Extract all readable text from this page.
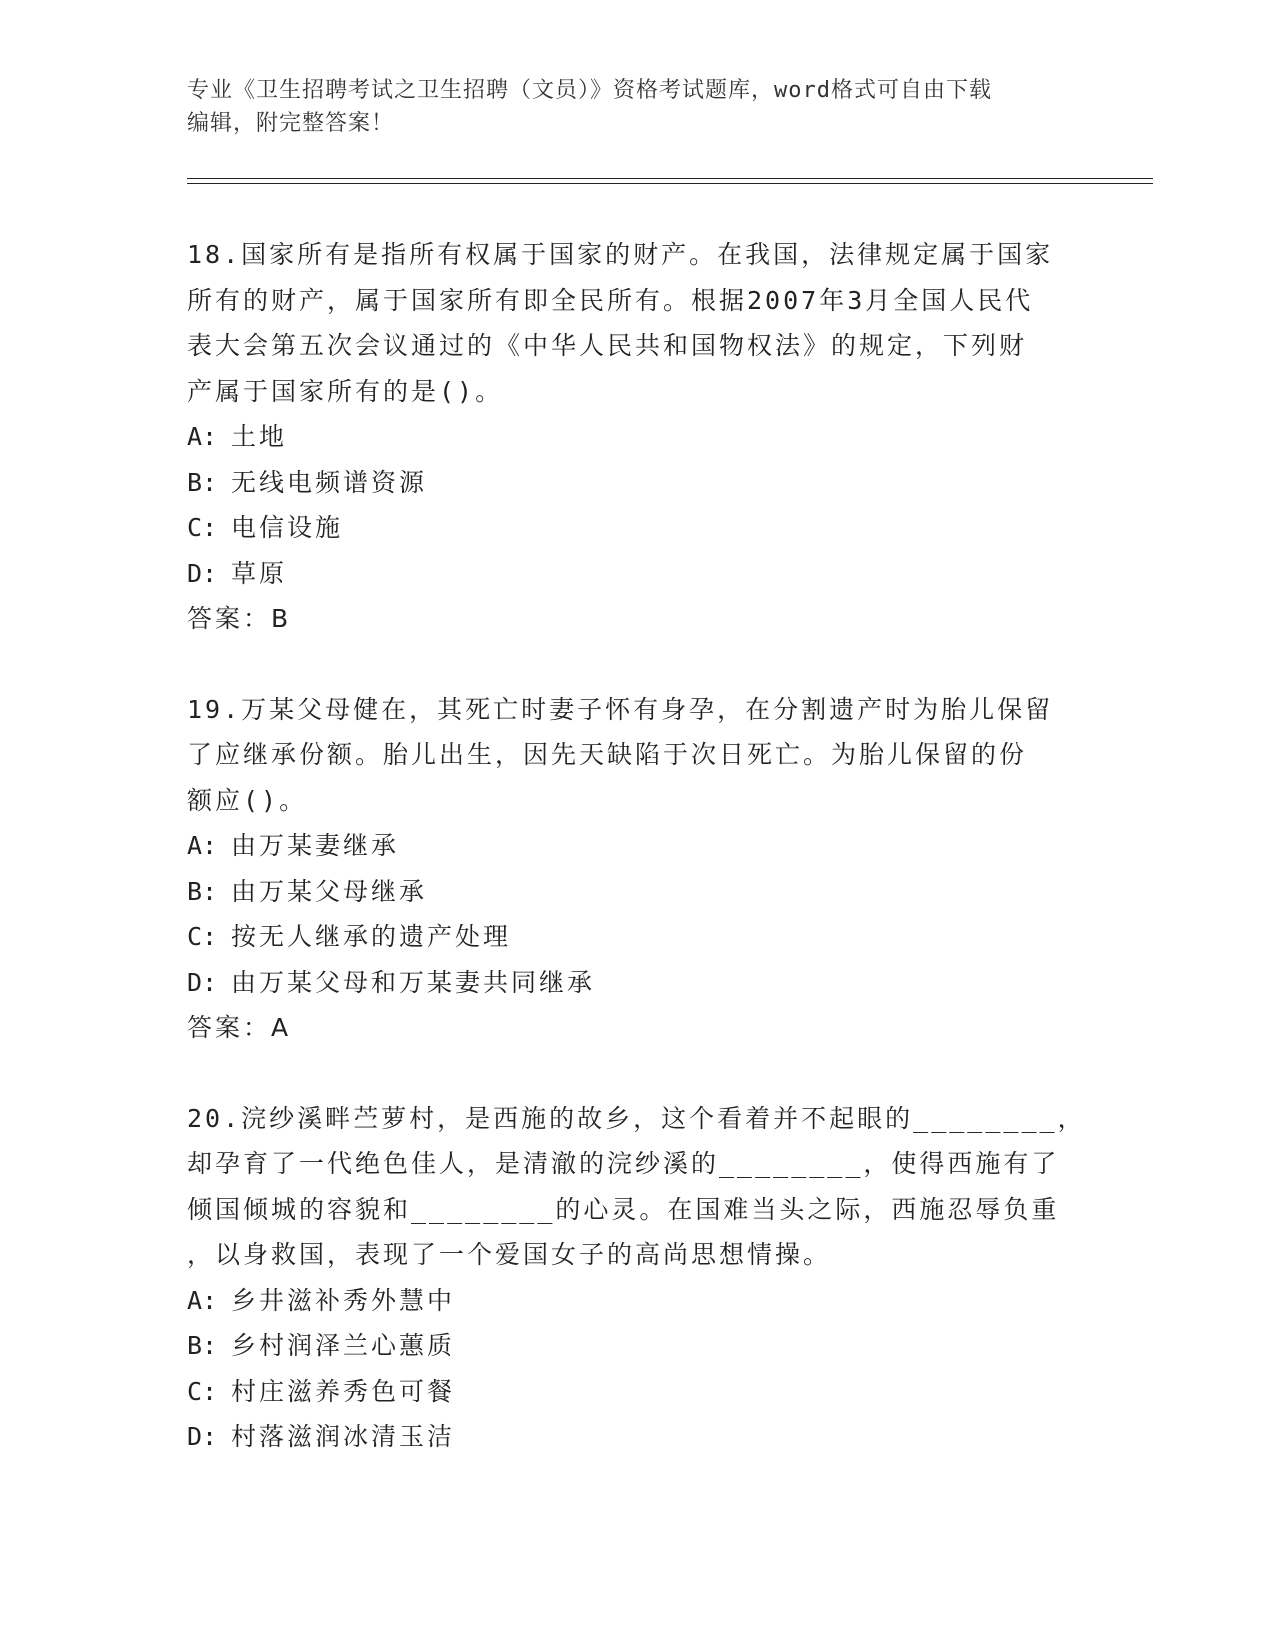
专业《卫生招聘考试之卫生招聘（文员）》资格考试题库，word格式可自由下载
编辑，附完整答案！

18.国家所有是指所有权属于国家的财产。在我国，法律规定属于国家

所有的财产，属于国家所有即全民所有。根据2007年3月全国人民代

表大会第五次会议通过的《中华人民共和国物权法》的规定，下列财

产属于国家所有的是()。

A: 土地

B: 无线电频谱资源

C: 电信设施

D: 草原

答案：B

19.万某父母健在，其死亡时妻子怀有身孕，在分割遗产时为胎儿保留

了应继承份额。胎儿出生，因先天缺陷于次日死亡。为胎儿保留的份

额应()。

A: 由万某妻继承

B: 由万某父母继承

C: 按无人继承的遗产处理

D: 由万某父母和万某妻共同继承

答案：A

20.浣纱溪畔苎萝村，是西施的故乡，这个看着并不起眼的________，

却孕育了一代绝色佳人，是清澈的浣纱溪的________，使得西施有了

倾国倾城的容貌和________的心灵。在国难当头之际，西施忍辱负重

，以身救国，表现了一个爱国女子的高尚思想情操。

A: 乡井滋补秀外慧中

B: 乡村润泽兰心蕙质

C: 村庄滋养秀色可餐

D: 村落滋润冰清玉洁
